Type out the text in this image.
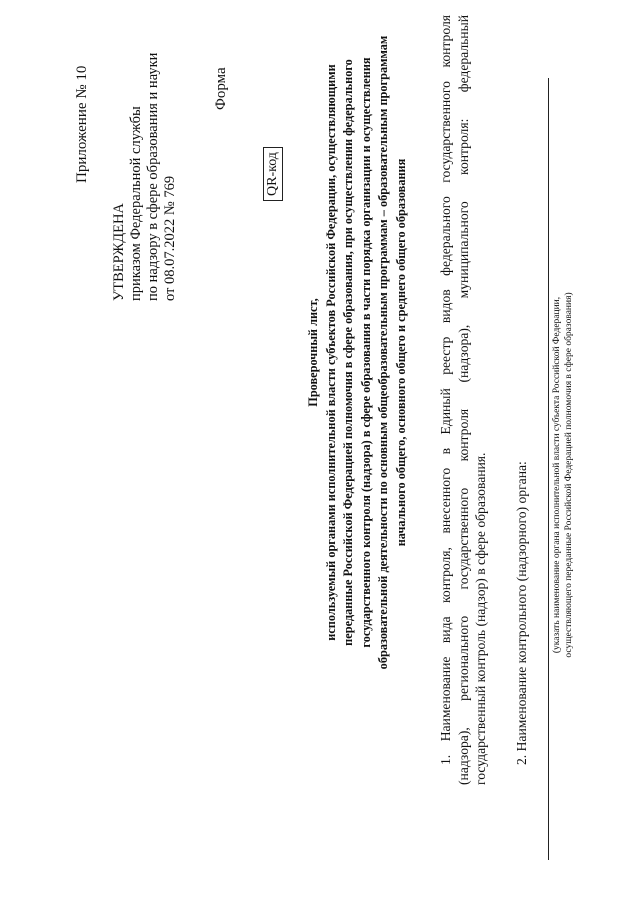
Приложение № 10
УТВЕРЖДЕНА приказом Федеральной службы по надзору в сфере образования и науки от 08.07.2022 № 769
Форма
QR-код
Проверочный лист, используемый органами исполнительной власти субъектов Российской Федерации, осуществляющими переданные Российской Федерацией полномочия в сфере образования, при осуществлении федерального государственного контроля (надзора) в сфере образования в части порядка организации и осуществления образовательной деятельности по основным общеобразовательным программам – образовательным программам начального общего, основного общего и среднего общего образования 1. Наименование вида контроля, внесенного в Единый реестр видов федерального государственного контроля (надзора), регионального государственного контроля (надзора), муниципального контроля: федеральный государственный контроль (надзор) в сфере образования. 2. Наименование контрольного (надзорного) органа: (указать наименование органа исполнительной власти субъекта Российской Федерации, осуществляющего переданные Российской Федерацией полномочия в сфере образования)
